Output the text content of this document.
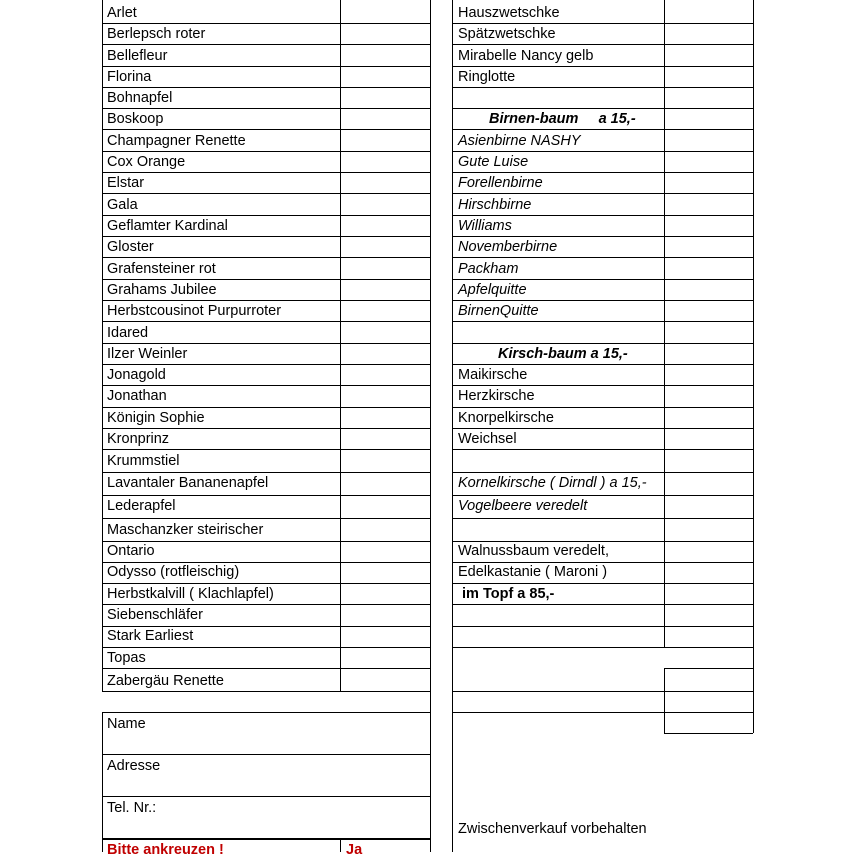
Arlet
Berlepsch roter
Bellefleur
Florina
Bohnapfel
Boskoop
Champagner Renette
Cox Orange
Elstar
Gala
Geflamter Kardinal
Gloster
Grafensteiner rot
Grahams Jubilee
Herbstcousinot Purpurroter
Idared
Ilzer Weinler
Jonagold
Jonathan
Königin Sophie
Kronprinz
Krummstiel
Lavantaler Bananenapfel
Lederapfel
Maschanzker steirischer
Ontario
Odysso (rotfleischig)
Herbstkalvill ( Klachlapfel)
Siebenschläfer
Stark Earliest
Topas
Zabergäu Renette
Name
Adresse
Tel. Nr.:
Bitte ankreuzen !	Ja
Hauszwetschke
Spätzwetschke
Mirabelle Nancy gelb
Ringlotte
Birnen-baum     a 15,-
Asienbirne NASHY
Gute Luise
Forellenbirne
Hirschbirne
Williams
Novemberbirne
Packham
Apfelquitte
BirnenQuitte
Kirsch-baum a 15,-
Maikirsche
Herzkirsche
Knorpelkirsche
Weichsel
Kornelkirsche ( Dirndl ) a 15,-
Vogelbeere veredelt
Walnussbaum veredelt,
Edelkastanie ( Maroni )
im Topf a 85,-
Zwischenverkauf vorbehalten
